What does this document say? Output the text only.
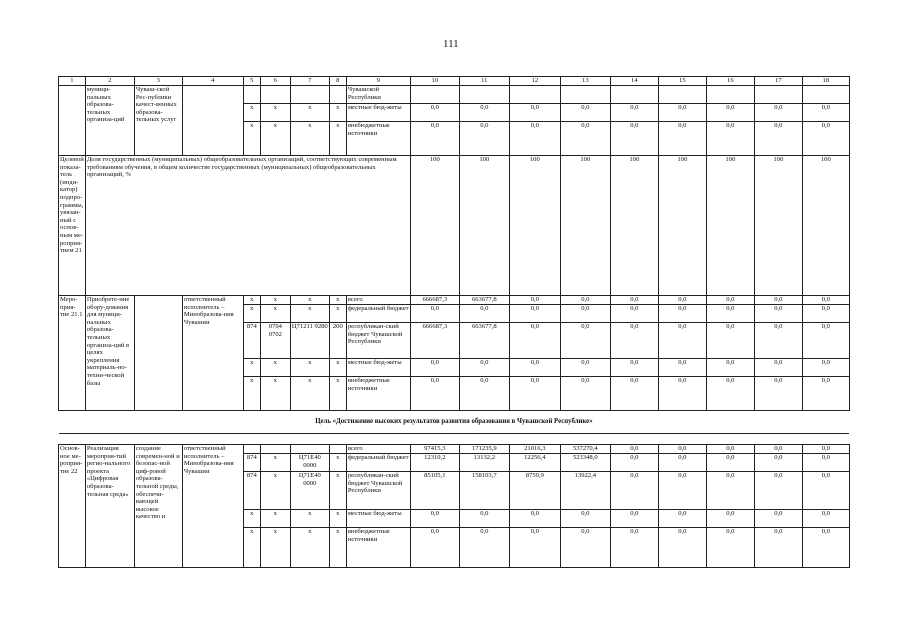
111
1	2	3	4	5	6	7	8	9	10	11	12	13	14	15	16	17	18
	муници-пальных образова-тельных организа-ций	Чуваш-ской Рес-публики качест-венных образова-тельных услуг						Чувашской Республики									
				x	x	x	x	местные бюд-жеты	0,0	0,0	0,0	0,0	0,0	0,0	0,0	0,0	0,0
				x	x	x	x	внебюджетные источники	0,0	0,0	0,0	0,0	0,0	0,0	0,0	0,0	0,0
Целевой показа-тель (инди-катор) подпро-граммы, увязан-ный с основ-ным ме-роприя-тием 21	Доля государственных (муниципальных) общеобразовательных организаций, соответствующих современным требованиям обучения, в общем количестве государственных (муниципальных) общеобразовательных организаций, %								100	100	100	100	100	100	100	100	100
Меро-прия-тие 21.1	Приобрете-ние обору-дования для муници-пальных образова-тельных организа-ций в целях укрепления материаль-но-техни-ческой базы		ответственный исполнитель – Минобразова-ния Чувашии	x	x	x	x	всего	666687,3	663677,8	0,0	0,0	0,0	0,0	0,0	0,0	0,0
				x	x	x	x	федеральный бюджет	0,0	0,0	0,0	0,0	0,0	0,0	0,0	0,0	0,0
				874	0704 0702	Ц71211 9280	200	республикан-ский бюджет Чувашской Республики	666687,3	663677,8	0,0	0,0	0,0	0,0	0,0	0,0	0,0
				x	x	x	x	местные бюд-жеты	0,0	0,0	0,0	0,0	0,0	0,0	0,0	0,0	0,0
				x	x	x	x	внебюджетные источники	0,0	0,0	0,0	0,0	0,0	0,0	0,0	0,0	0,0
Цель «Достижение высоких результатов развития образования в Чувашской Республике»																	

Основ-ное ме-роприя-тие 22	Реализация меропрня-тий регио-нального проекта «Цифровая образова-тельная среда»	создание современ-ной и безопас-ной циф-ровой образова-тельной среды, обеспечи-вающей высокое качество и	ответственный исполнитель – Минобразова-ния Чувашии					всего	97415,3	171235,9	21016,3	537270,4	0,0	0,0	0,0	0,0	0,0
				874	x	Ц71Е40 0000	x	федеральный бюджет	12310,2	13132,2	12256,4	523348,0	0,0	0,0	0,0	0,0	0,0
				874	x	Ц71Е40 0000	x	республикан-ский бюджет Чувашской Республики	85105,1	158103,7	8759,9	13922,4	0,0	0,0	0,0	0,0	0,0
				x	x	x	x	местные бюд-жеты	0,0	0,0	0,0	0,0	0,0	0,0	0,0	0,0	0,0
				x	x	x	x	внебюджетные источники	0,0	0,0	0,0	0,0	0,0	0,0	0,0	0,0	0,0
